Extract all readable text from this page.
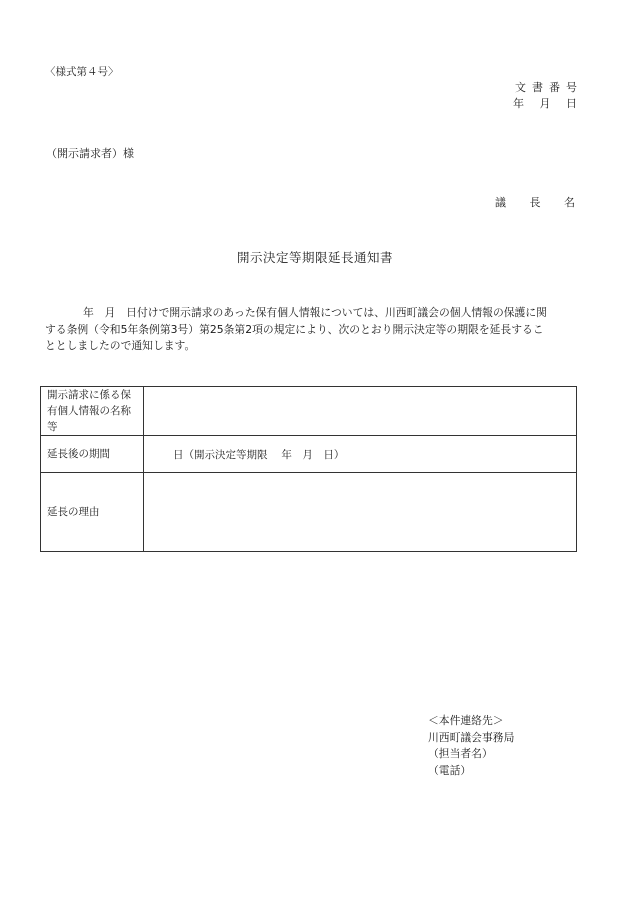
〈様式第４号〉
文書番号
年 月 日
（開示請求者）様
議 長 名
開示決定等期限延長通知書
年　月　日付けで開示請求のあった保有個人情報については、川西町議会の個人情報の保護に関
する条例（令和5年条例第3号）第25条第2項の規定により、次のとおり開示決定等の期限を延長するこ
ととしましたので通知します。
開示請求に係る保有個人情報の名称等	
延長後の期間	日（開示決定等期限　 年　月　日）
延長の理由	
＜本件連絡先＞
川西町議会事務局
（担当者名）
（電話）
